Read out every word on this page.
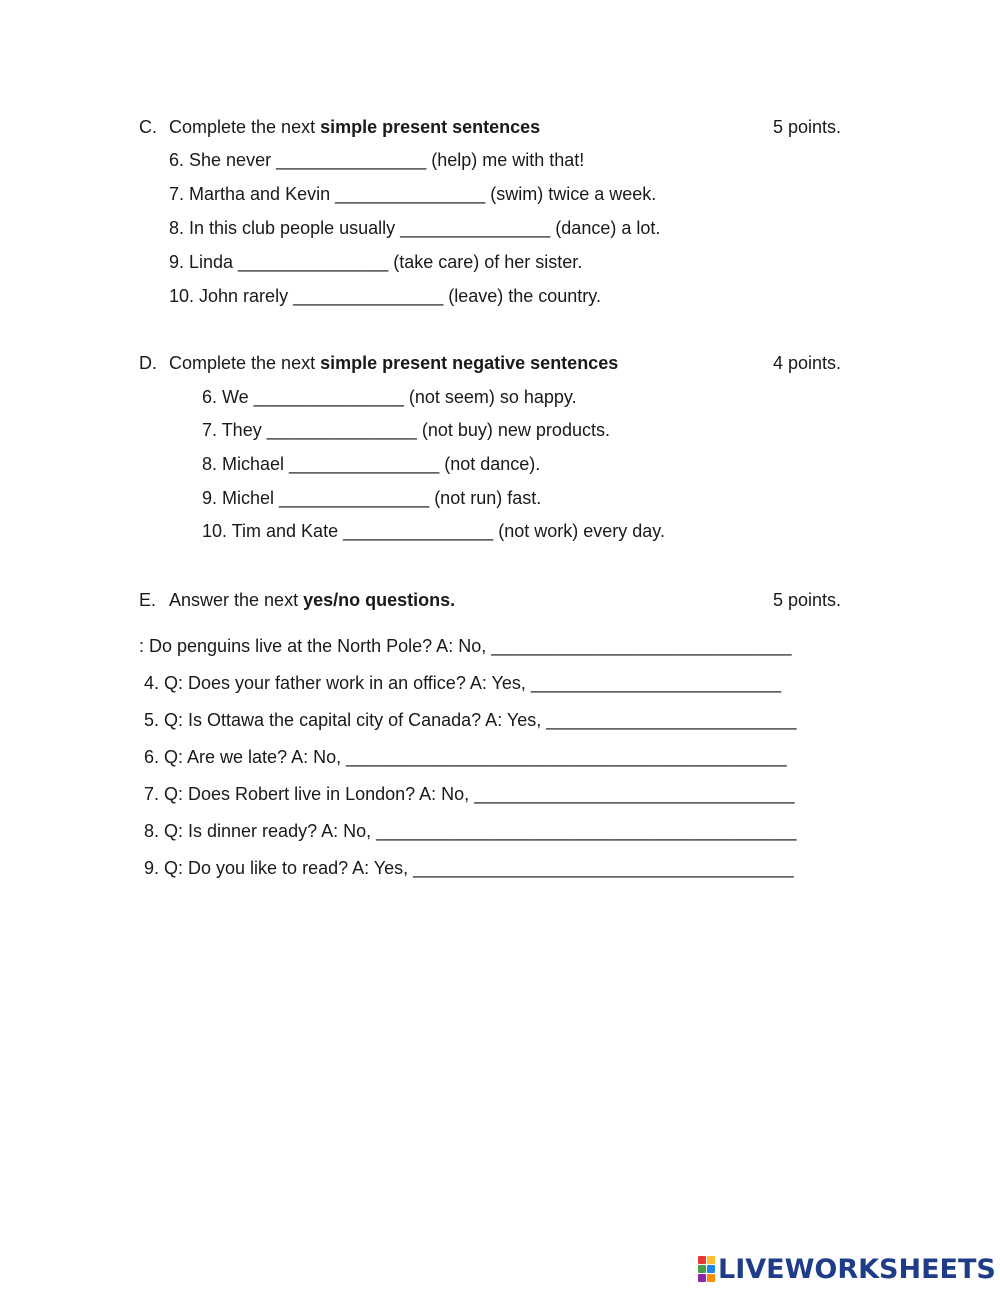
C. Complete the next simple present sentences	5 points.
6. She never _______________ (help) me with that!
7. Martha and Kevin _______________ (swim) twice a week.
8. In this club people usually _______________ (dance) a lot.
9. Linda _______________ (take care) of her sister.
10. John rarely _______________ (leave) the country.
D. Complete the next simple present negative sentences	4 points.
6. We _______________ (not seem) so happy.
7. They _______________ (not buy) new products.
8. Michael _______________ (not dance).
9. Michel _______________ (not run) fast.
10. Tim and Kate _______________ (not work) every day.
E. Answer the next yes/no questions.	5 points.
: Do penguins live at the North Pole? A: No, ______________________________
4. Q: Does your father work in an office? A: Yes, _________________________
5. Q: Is Ottawa the capital city of Canada? A: Yes, _________________________
6. Q: Are we late? A: No, ____________________________________________
7. Q: Does Robert live in London? A: No, ________________________________
8. Q: Is dinner ready? A: No, __________________________________________
9. Q: Do you like to read? A: Yes, ______________________________________
LIVEWORKSHEETS
